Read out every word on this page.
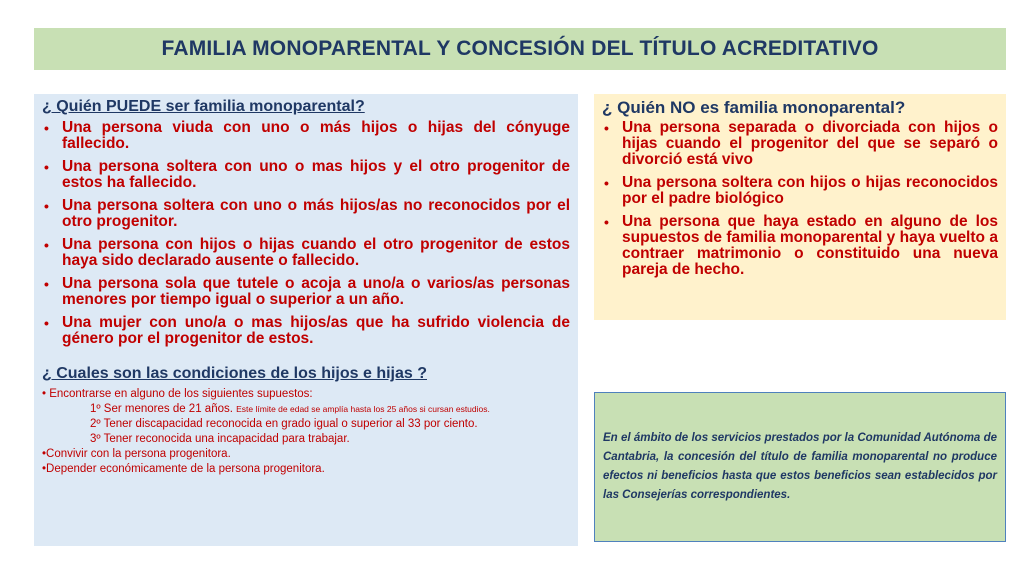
FAMILIA MONOPARENTAL Y CONCESIÓN DEL TÍTULO ACREDITATIVO
¿ Quién PUEDE ser familia monoparental?
• Una persona viuda con uno o más hijos o hijas del cónyuge fallecido.
• Una persona soltera con uno o mas hijos y el otro progenitor de estos ha fallecido.
• Una persona soltera con uno o más hijos/as no reconocidos por el otro progenitor.
• Una persona con hijos o hijas cuando el otro progenitor de estos haya sido declarado ausente o fallecido.
• Una persona sola que tutele o acoja a uno/a o varios/as personas menores por tiempo igual o superior a un año.
• Una mujer con uno/a o mas hijos/as que ha sufrido violencia de género por el progenitor de estos.
¿ Cuales son las condiciones de los hijos e hijas ?
• Encontrarse en alguno de los siguientes supuestos:
1º Ser menores de 21 años. Este límite de edad se amplía hasta los 25 años si cursan estudios.
2º Tener discapacidad reconocida en grado igual o superior al 33 por ciento.
3º Tener reconocida una incapacidad para trabajar.
•Convivir con la persona progenitora.
•Depender económicamente de la persona progenitora.
¿ Quién NO es familia monoparental?
• Una persona separada o divorciada con hijos o hijas cuando el progenitor del que se separó o divorció está vivo
• Una persona soltera con hijos o hijas reconocidos por el padre biológico
• Una persona que haya estado en alguno de los supuestos de familia monoparental y haya vuelto a contraer matrimonio o constituido una nueva pareja de hecho.

En el ámbito de los servicios prestados por la Comunidad Autónoma de Cantabria, la concesión del título de familia monoparental no produce efectos ni beneficios hasta que estos beneficios sean establecidos por las Consejerías correspondientes.
